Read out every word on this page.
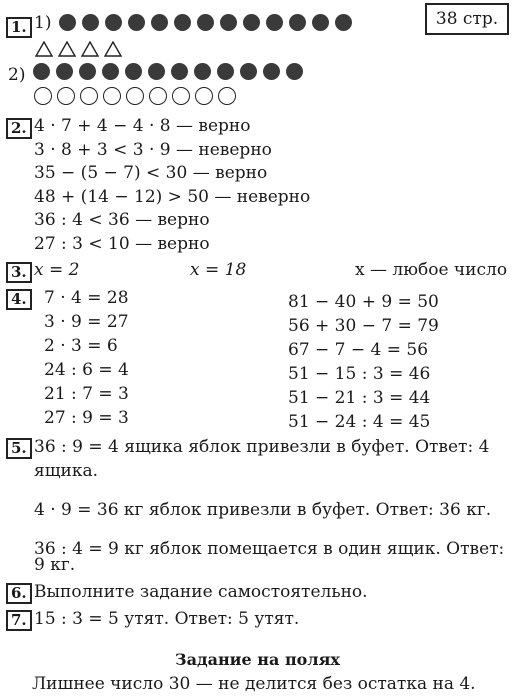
38 стр.
1. 1)
2)
2. 4 · 7 + 4 − 4 · 8 — верно
3 · 8 + 3 < 3 · 9 — неверно
35 − (5 − 7) < 30 — верно
48 + (14 − 12) > 50 — неверно
36 : 4 < 36 — верно
27 : 3 < 10 — верно
3. x = 2	x = 18	x — любое число
4. 7 · 4 = 28
3 · 9 = 27
2 · 3 = 6
24 : 6 = 4
21 : 7 = 3
27 : 9 = 3
81 − 40 + 9 = 50
56 + 30 − 7 = 79
67 − 7 − 4 = 56
51 − 15 : 3 = 46
51 − 21 : 3 = 44
51 − 24 : 4 = 45
5. 36 : 9 = 4 ящика яблок привезли в буфет. Ответ: 4
ящика.
4 · 9 = 36 кг яблок привезли в буфет. Ответ: 36 кг.
36 : 4 = 9 кг яблок помещается в один ящик. Ответ:
9 кг.
6. Выполните задание самостоятельно.
7. 15 : 3 = 5 утят. Ответ: 5 утят.
Задание на полях
Лишнее число 30 — не делится без остатка на 4.
